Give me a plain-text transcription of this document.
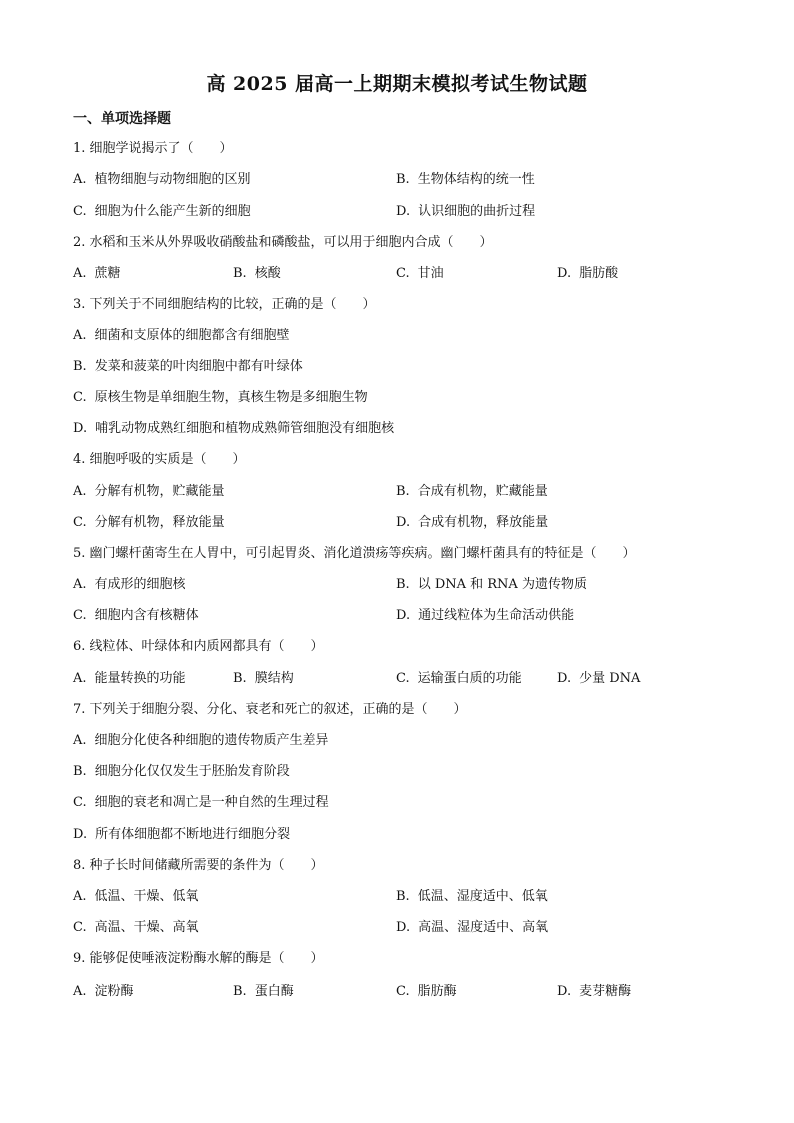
高 2025 届高一上期期末模拟考试生物试题
一、单项选择题
1. 细胞学说揭示了（　　）
A. 植物细胞与动物细胞的区别	B. 生物体结构的统一性
C. 细胞为什么能产生新的细胞	D. 认识细胞的曲折过程
2. 水稻和玉米从外界吸收硝酸盐和磷酸盐，可以用于细胞内合成（　　）
A. 蔗糖	B. 核酸	C. 甘油	D. 脂肪酸
3. 下列关于不同细胞结构的比较，正确的是（　　）
A. 细菌和支原体的细胞都含有细胞壁
B. 发菜和菠菜的叶肉细胞中都有叶绿体
C. 原核生物是单细胞生物，真核生物是多细胞生物
D. 哺乳动物成熟红细胞和植物成熟筛管细胞没有细胞核
4. 细胞呼吸的实质是（　　）
A. 分解有机物，贮藏能量	B. 合成有机物，贮藏能量
C. 分解有机物，释放能量	D. 合成有机物，释放能量
5. 幽门螺杆菌寄生在人胃中，可引起胃炎、消化道溃疡等疾病。幽门螺杆菌具有的特征是（　　）
A. 有成形的细胞核	B. 以 DNA 和 RNA 为遗传物质
C. 细胞内含有核糖体	D. 通过线粒体为生命活动供能
6. 线粒体、叶绿体和内质网都具有（　　）
A. 能量转换的功能	B. 膜结构	C. 运输蛋白质的功能	D. 少量 DNA
7. 下列关于细胞分裂、分化、衰老和死亡的叙述，正确的是（　　）
A. 细胞分化使各种细胞的遗传物质产生差异
B. 细胞分化仅仅发生于胚胎发育阶段
C. 细胞的衰老和凋亡是一种自然的生理过程
D. 所有体细胞都不断地进行细胞分裂
8. 种子长时间储藏所需要的条件为（　　）
A. 低温、干燥、低氧	B. 低温、湿度适中、低氧
C. 高温、干燥、高氧	D. 高温、湿度适中、高氧
9. 能够促使唾液淀粉酶水解的酶是（　　）
A. 淀粉酶	B. 蛋白酶	C. 脂肪酶	D. 麦芽糖酶
